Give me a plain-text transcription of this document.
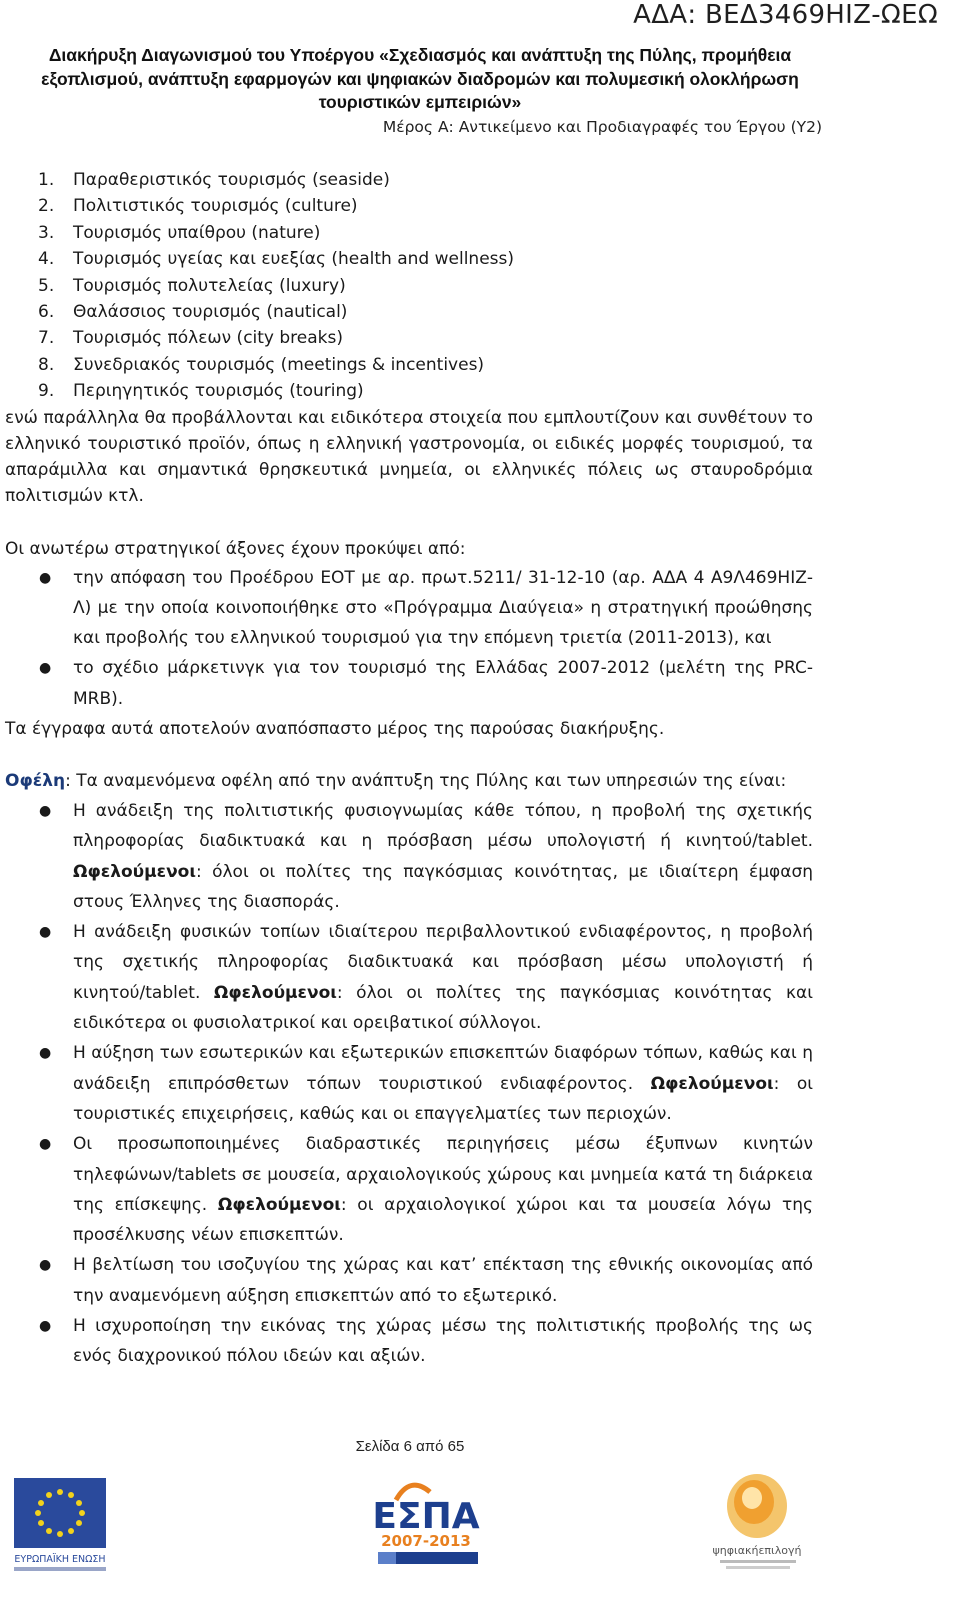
ΑΔΑ: ΒΕΔ3469ΗΙΖ-ΩΕΩ
Διακήρυξη Διαγωνισμού του Υποέργου «Σχεδιασμός και ανάπτυξη της Πύλης, προμήθεια
εξοπλισμού, ανάπτυξη εφαρμογών και ψηφιακών διαδρομών και πολυμεσική ολοκλήρωση
τουριστικών εμπειριών»
Μέρος Α: Αντικείμενο και Προδιαγραφές του Έργου (Υ2)
1. Παραθεριστικός τουρισμός (seaside)
2. Πολιτιστικός τουρισμός (culture)
3. Τουρισμός υπαίθρου (nature)
4. Τουρισμός υγείας και ευεξίας (health and wellness)
5. Τουρισμός πολυτελείας (luxury)
6. Θαλάσσιος τουρισμός (nautical)
7. Τουρισμός πόλεων (city breaks)
8. Συνεδριακός τουρισμός (meetings & incentives)
9. Περιηγητικός τουρισμός (touring)

ενώ παράλληλα θα προβάλλονται και ειδικότερα στοιχεία που εμπλουτίζουν και συνθέτουν το ελληνικό τουριστικό προϊόν, όπως η ελληνική γαστρονομία, οι ειδικές μορφές τουρισμού, τα απαράμιλλα και σημαντικά θρησκευτικά μνημεία, οι ελληνικές πόλεις ως σταυροδρόμια πολιτισμών κτλ.

Οι ανωτέρω στρατηγικοί άξονες έχουν προκύψει από:

● την απόφαση του Προέδρου ΕΟΤ με αρ. πρωτ.5211/ 31-12-10 (αρ. ΑΔΑ 4 Α9Λ469ΗΙΖ-Λ) με την οποία κοινοποιήθηκε στο «Πρόγραμμα Διαύγεια» η στρατηγική προώθησης και προβολής του ελληνικού τουρισμού για την επόμενη τριετία (2011-2013), και
● το σχέδιο μάρκετινγκ για τον τουρισμό της Ελλάδας 2007-2012 (μελέτη της PRC-MRB).

Τα έγγραφα αυτά αποτελούν αναπόσπαστο μέρος της παρούσας διακήρυξης.

Οφέλη: Τα αναμενόμενα οφέλη από την ανάπτυξη της Πύλης και των υπηρεσιών της είναι:

● Η ανάδειξη της πολιτιστικής φυσιογνωμίας κάθε τόπου, η προβολή της σχετικής πληροφορίας διαδικτυακά και η πρόσβαση μέσω υπολογιστή ή κινητού/tablet. Ωφελούμενοι: όλοι οι πολίτες της παγκόσμιας κοινότητας, με ιδιαίτερη έμφαση στους Έλληνες της διασποράς.
● Η ανάδειξη φυσικών τοπίων ιδιαίτερου περιβαλλοντικού ενδιαφέροντος, η προβολή της σχετικής πληροφορίας διαδικτυακά και πρόσβαση μέσω υπολογιστή ή κινητού/tablet. Ωφελούμενοι: όλοι οι πολίτες της παγκόσμιας κοινότητας και ειδικότερα οι φυσιολατρικοί και ορειβατικοί σύλλογοι.
● Η αύξηση των εσωτερικών και εξωτερικών επισκεπτών διαφόρων τόπων, καθώς και η ανάδειξη επιπρόσθετων τόπων τουριστικού ενδιαφέροντος. Ωφελούμενοι: οι τουριστικές επιχειρήσεις, καθώς και οι επαγγελματίες των περιοχών.
● Οι προσωποποιημένες διαδραστικές περιηγήσεις μέσω έξυπνων κινητών τηλεφώνων/tablets σε μουσεία, αρχαιολογικούς χώρους και μνημεία κατά τη διάρκεια της επίσκεψης. Ωφελούμενοι: οι αρχαιολογικοί χώροι και τα μουσεία λόγω της προσέλκυσης νέων επισκεπτών.
● Η βελτίωση του ισοζυγίου της χώρας και κατ’ επέκταση της εθνικής οικονομίας από την αναμενόμενη αύξηση επισκεπτών από το εξωτερικό.
● Η ισχυροποίηση την εικόνας της χώρας μέσω της πολιτιστικής προβολής της ως ενός διαχρονικού πόλου ιδεών και αξιών.
Σελίδα 6 από 65
ΕΥΡΩΠΑΪΚΗ ΕΝΩΣΗ
ΕΣΠΑ
2007-2013
ψηφιακήεπιλογή
